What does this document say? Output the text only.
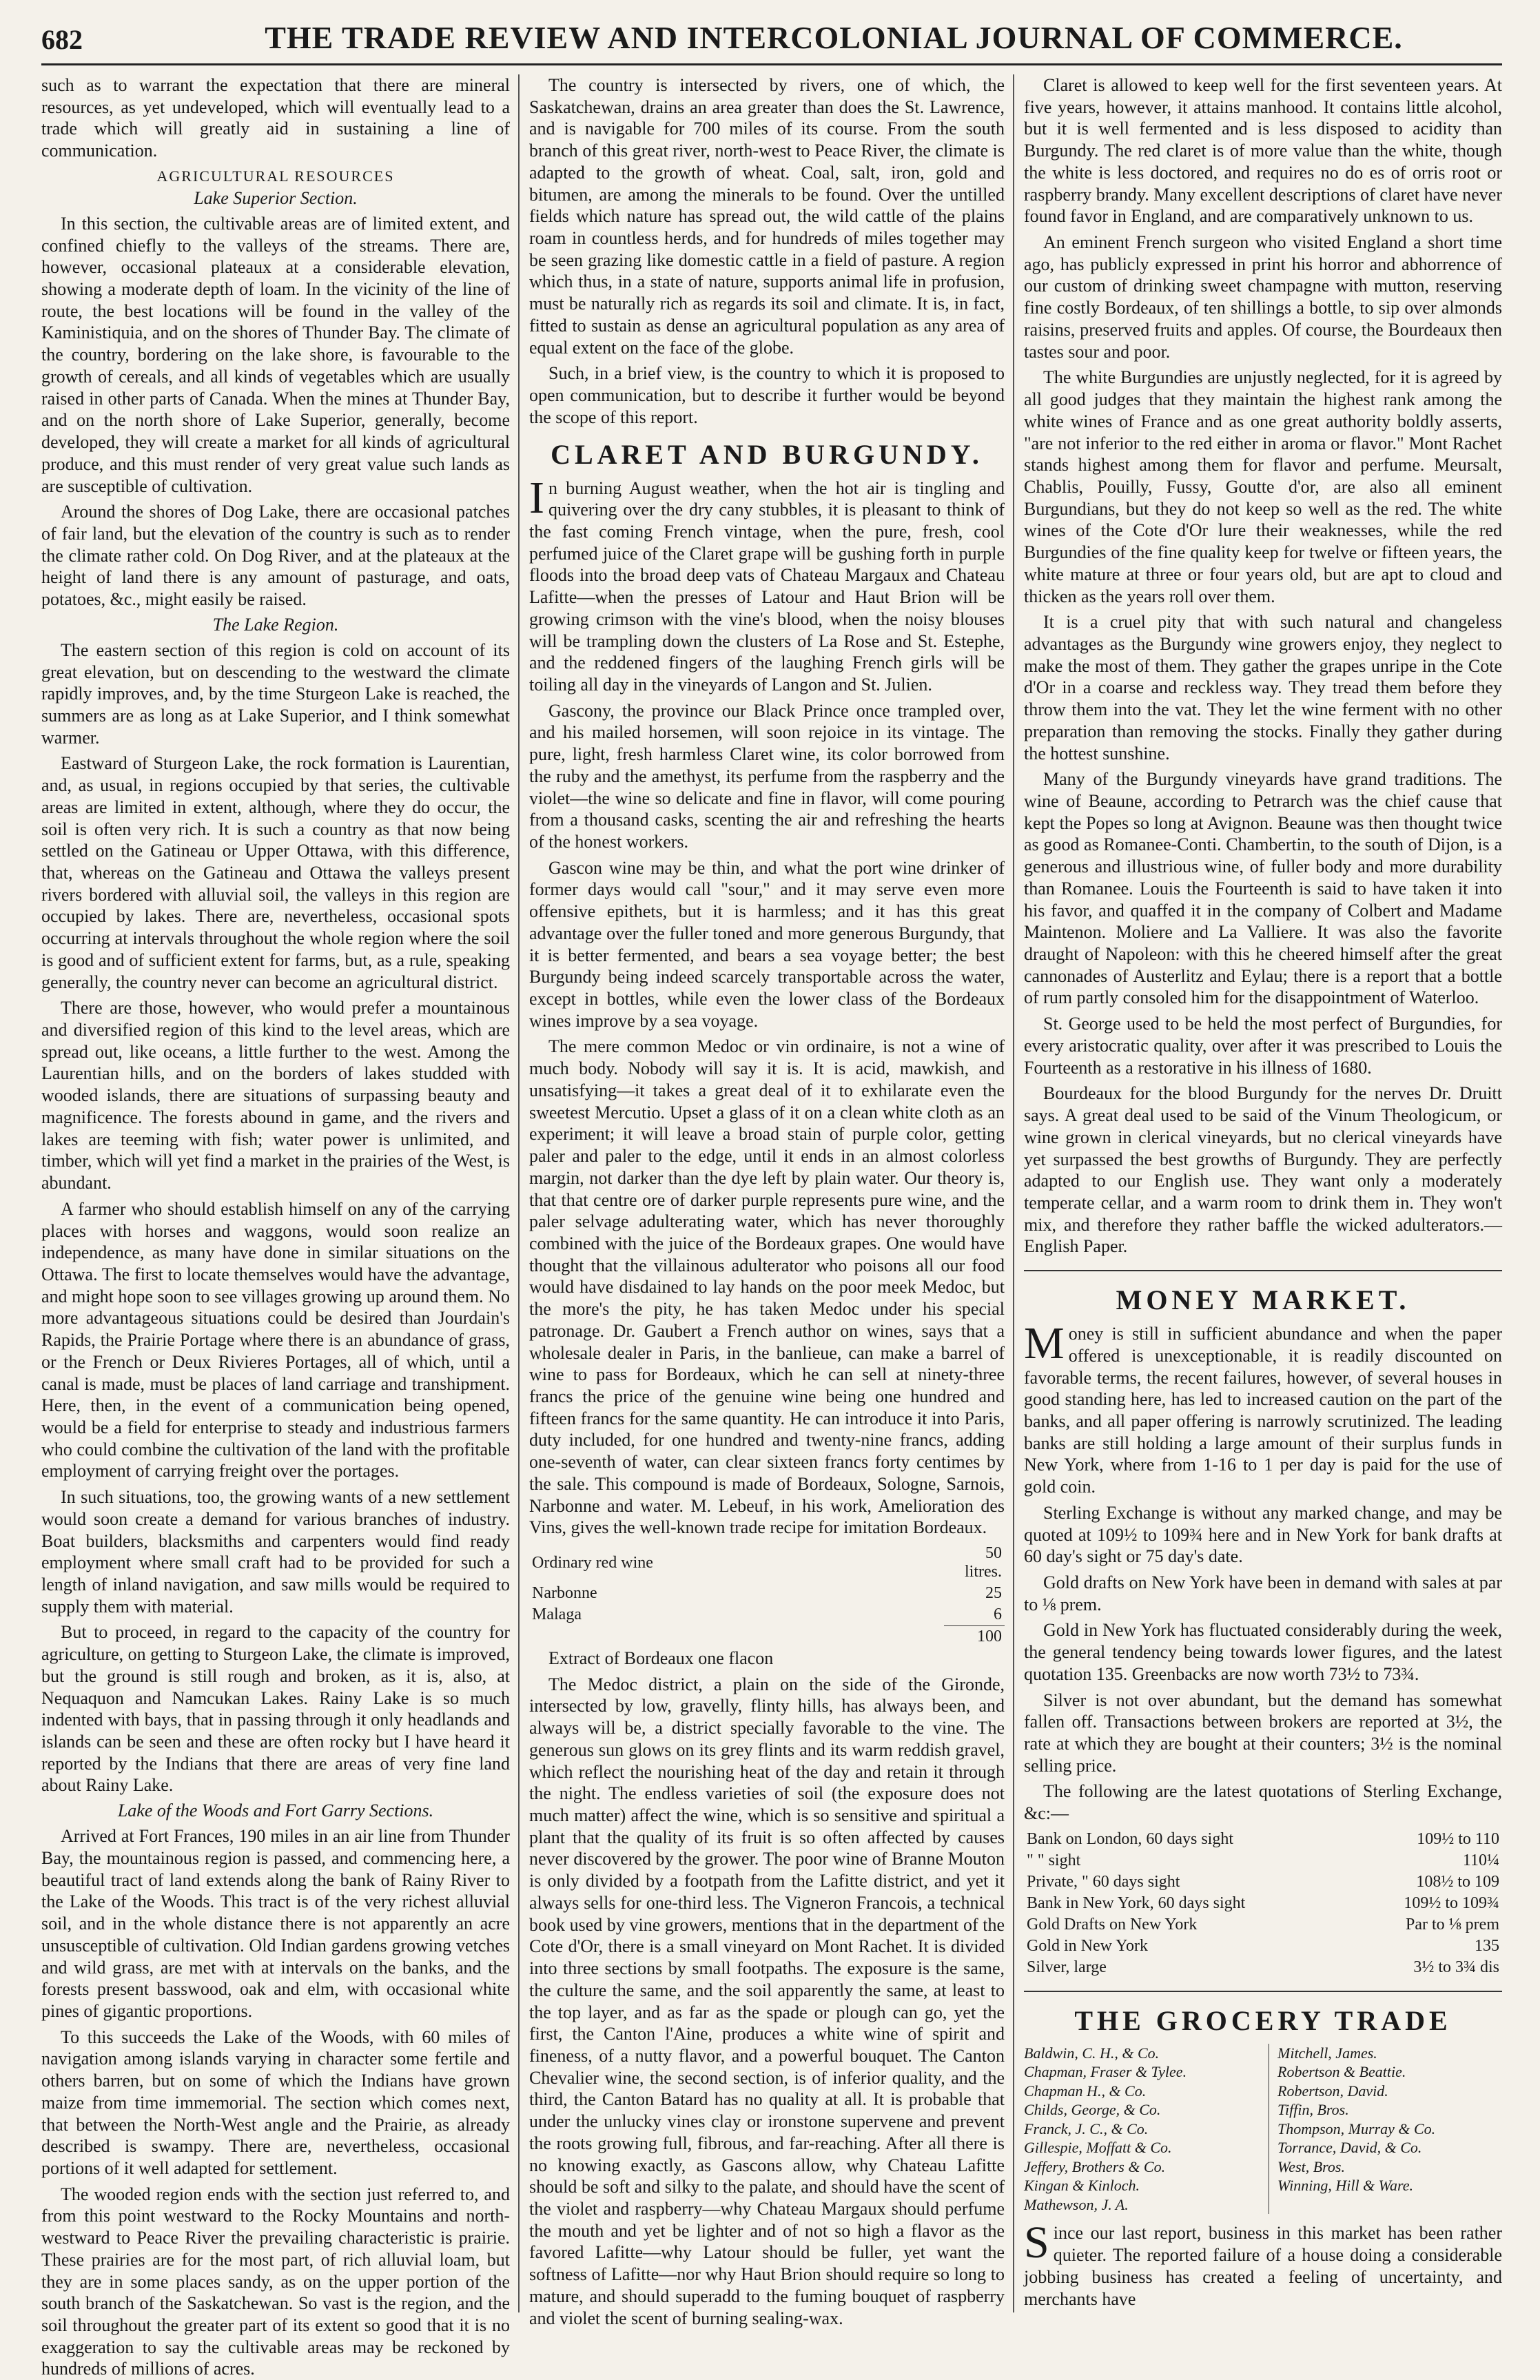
682	THE TRADE REVIEW AND INTERCOLONIAL JOURNAL OF COMMERCE.

such as to warrant the expectation that there are mineral resources, as yet undeveloped, which will eventually lead to a trade which will greatly aid in sustaining a line of communication.

AGRICULTURAL RESOURCES
Lake Superior Section.

In this section, the cultivable areas are of limited extent, and confined chiefly to the valleys of the streams. There are, however, occasional plateaux at a considerable elevation, showing a moderate depth of loam. In the vicinity of the line of route, the best locations will be found in the valley of the Kaministiquia, and on the shores of Thunder Bay. The climate of the country, bordering on the lake shore, is favourable to the growth of cereals, and all kinds of vegetables which are usually raised in other parts of Canada. When the mines at Thunder Bay, and on the north shore of Lake Superior, generally, become developed, they will create a market for all kinds of agricultural produce, and this must render of very great value such lands as are susceptible of cultivation.

Around the shores of Dog Lake, there are occasional patches of fair land, but the elevation of the country is such as to render the climate rather cold. On Dog River, and at the plateaux at the height of land there is any amount of pasturage, and oats, potatoes, &c., might easily be raised.

The Lake Region.

The eastern section of this region is cold on account of its great elevation, but on descending to the westward the climate rapidly improves, and, by the time Sturgeon Lake is reached, the summers are as long as at Lake Superior, and I think somewhat warmer.

Eastward of Sturgeon Lake, the rock formation is Laurentian, and, as usual, in regions occupied by that series, the cultivable areas are limited in extent, although, where they do occur, the soil is often very rich. It is such a country as that now being settled on the Gatineau or Upper Ottawa, with this difference, that, whereas on the Gatineau and Ottawa the valleys present rivers bordered with alluvial soil, the valleys in this region are occupied by lakes. There are, nevertheless, occasional spots occurring at intervals throughout the whole region where the soil is good and of sufficient extent for farms, but, as a rule, speaking generally, the country never can become an agricultural district.

There are those, however, who would prefer a mountainous and diversified region of this kind to the level areas, which are spread out, like oceans, a little further to the west. Among the Laurentian hills, and on the borders of lakes studded with wooded islands, there are situations of surpassing beauty and magnificence. The forests abound in game, and the rivers and lakes are teeming with fish; water power is unlimited, and timber, which will yet find a market in the prairies of the West, is abundant.

A farmer who should establish himself on any of the carrying places with horses and waggons, would soon realize an independence, as many have done in similar situations on the Ottawa. The first to locate themselves would have the advantage, and might hope soon to see villages growing up around them. No more advantageous situations could be desired than Jourdain's Rapids, the Prairie Portage where there is an abundance of grass, or the French or Deux Rivieres Portages, all of which, until a canal is made, must be places of land carriage and transhipment. Here, then, in the event of a communication being opened, would be a field for enterprise to steady and industrious farmers who could combine the cultivation of the land with the profitable employment of carrying freight over the portages.

In such situations, too, the growing wants of a new settlement would soon create a demand for various branches of industry. Boat builders, blacksmiths and carpenters would find ready employment where small craft had to be provided for such a length of inland navigation, and saw mills would be required to supply them with material.

But to proceed, in regard to the capacity of the country for agriculture, on getting to Sturgeon Lake, the climate is improved, but the ground is still rough and broken, as it is, also, at Nequaquon and Namcukan Lakes. Rainy Lake is so much indented with bays, that in passing through it only headlands and islands can be seen and these are often rocky but I have heard it reported by the Indians that there are areas of very fine land about Rainy Lake.

Lake of the Woods and Fort Garry Sections.

Arrived at Fort Frances, 190 miles in an air line from Thunder Bay, the mountainous region is passed, and commencing here, a beautiful tract of land extends along the bank of Rainy River to the Lake of the Woods. This tract is of the very richest alluvial soil, and in the whole distance there is not apparently an acre unsusceptible of cultivation. Old Indian gardens growing vetches and wild grass, are met with at intervals on the banks, and the forests present basswood, oak and elm, with occasional white pines of gigantic proportions.

To this succeeds the Lake of the Woods, with 60 miles of navigation among islands varying in character some fertile and others barren, but on some of which the Indians have grown maize from time immemorial. The section which comes next, that between the North-West angle and the Prairie, as already described is swampy. There are, nevertheless, occasional portions of it well adapted for settlement.

The wooded region ends with the section just referred to, and from this point westward to the Rocky Mountains and north-westward to Peace River the prevailing characteristic is prairie. These prairies are for the most part, of rich alluvial loam, but they are in some places sandy, as on the upper portion of the south branch of the Saskatchewan. So vast is the region, and the soil throughout the greater part of its extent so good that it is no exaggeration to say the cultivable areas may be reckoned by hundreds of millions of acres.

The country is intersected by rivers, one of which, the Saskatchewan, drains an area greater than does the St. Lawrence, and is navigable for 700 miles of its course. From the south branch of this great river, north-west to Peace River, the climate is adapted to the growth of wheat. Coal, salt, iron, gold and bitumen, are among the minerals to be found. Over the untilled fields which nature has spread out, the wild cattle of the plains roam in countless herds, and for hundreds of miles together may be seen grazing like domestic cattle in a field of pasture. A region which thus, in a state of nature, supports animal life in profusion, must be naturally rich as regards its soil and climate. It is, in fact, fitted to sustain as dense an agricultural population as any area of equal extent on the face of the globe.

Such, in a brief view, is the country to which it is proposed to open communication, but to describe it further would be beyond the scope of this report.

CLARET AND BURGUNDY.

In burning August weather, when the hot air is tingling and quivering over the dry cany stubbles, it is pleasant to think of the fast coming French vintage, when the pure, fresh, cool perfumed juice of the Claret grape will be gushing forth in purple floods into the broad deep vats of Chateau Margaux and Chateau Lafitte—when the presses of Latour and Haut Brion will be growing crimson with the vine's blood, when the noisy blouses will be trampling down the clusters of La Rose and St. Estephe, and the reddened fingers of the laughing French girls will be toiling all day in the vineyards of Langon and St. Julien.

Gascony, the province our Black Prince once trampled over, and his mailed horsemen, will soon rejoice in its vintage. The pure, light, fresh harmless Claret wine, its color borrowed from the ruby and the amethyst, its perfume from the raspberry and the violet—the wine so delicate and fine in flavor, will come pouring from a thousand casks, scenting the air and refreshing the hearts of the honest workers.

Gascon wine may be thin, and what the port wine drinker of former days would call "sour," and it may serve even more offensive epithets, but it is harmless; and it has this great advantage over the fuller toned and more generous Burgundy, that it is better fermented, and bears a sea voyage better; the best Burgundy being indeed scarcely transportable across the water, except in bottles, while even the lower class of the Bordeaux wines improve by a sea voyage.

The mere common Medoc or vin ordinaire, is not a wine of much body. Nobody will say it is. It is acid, mawkish, and unsatisfying—it takes a great deal of it to exhilarate even the sweetest Mercutio. Upset a glass of it on a clean white cloth as an experiment; it will leave a broad stain of purple color, getting paler and paler to the edge, until it ends in an almost colorless margin, not darker than the dye left by plain water. Our theory is, that that centre ore of darker purple represents pure wine, and the paler selvage adulterating water, which has never thoroughly combined with the juice of the Bordeaux grapes. One would have thought that the villainous adulterator who poisons all our food would have disdained to lay hands on the poor meek Medoc, but the more's the pity, he has taken Medoc under his special patronage. Dr. Gaubert a French author on wines, says that a wholesale dealer in Paris, in the banlieue, can make a barrel of wine to pass for Bordeaux, which he can sell at ninety-three francs the price of the genuine wine being one hundred and fifteen francs for the same quantity. He can introduce it into Paris, duty included, for one hundred and twenty-nine francs, adding one-seventh of water, can clear sixteen francs forty centimes by the sale. This compound is made of Bordeaux, Sologne, Sarnois, Narbonne and water. M. Lebeuf, in his work, Amelioration des Vins, gives the well-known trade recipe for imitation Bordeaux.

Ordinary red wine	50 litres.
Narbonne	25
Malaga	6
	100

Extract of Bordeaux one flacon

The Medoc district, a plain on the side of the Gironde, intersected by low, gravelly, flinty hills, has always been, and always will be, a district specially favorable to the vine. The generous sun glows on its grey flints and its warm reddish gravel, which reflect the nourishing heat of the day and retain it through the night. The endless varieties of soil (the exposure does not much matter) affect the wine, which is so sensitive and spiritual a plant that the quality of its fruit is so often affected by causes never discovered by the grower. The poor wine of Branne Mouton is only divided by a footpath from the Lafitte district, and yet it always sells for one-third less. The Vigneron Francois, a technical book used by vine growers, mentions that in the department of the Cote d'Or, there is a small vineyard on Mont Rachet. It is divided into three sections by small footpaths. The exposure is the same, the culture the same, and the soil apparently the same, at least to the top layer, and as far as the spade or plough can go, yet the first, the Canton l'Aine, produces a white wine of spirit and fineness, of a nutty flavor, and a powerful bouquet. The Canton Chevalier wine, the second section, is of inferior quality, and the third, the Canton Batard has no quality at all. It is probable that under the unlucky vines clay or ironstone supervene and prevent the roots growing full, fibrous, and far-reaching. After all there is no knowing exactly, as Gascons allow, why Chateau Lafitte should be soft and silky to the palate, and should have the scent of the violet and raspberry—why Chateau Margaux should perfume the mouth and yet be lighter and of not so high a flavor as the favored Lafitte—why Latour should be fuller, yet want the softness of Lafitte—nor why Haut Brion should require so long to mature, and should superadd to the fuming bouquet of raspberry and violet the scent of burning sealing-wax.

Claret is allowed to keep well for the first seventeen years. At five years, however, it attains manhood. It contains little alcohol, but it is well fermented and is less disposed to acidity than Burgundy. The red claret is of more value than the white, though the white is less doctored, and requires no do es of orris root or raspberry brandy. Many excellent descriptions of claret have never found favor in England, and are comparatively unknown to us.

An eminent French surgeon who visited England a short time ago, has publicly expressed in print his horror and abhorrence of our custom of drinking sweet champagne with mutton, reserving fine costly Bordeaux, of ten shillings a bottle, to sip over almonds raisins, preserved fruits and apples. Of course, the Bourdeaux then tastes sour and poor.

The white Burgundies are unjustly neglected, for it is agreed by all good judges that they maintain the highest rank among the white wines of France and as one great authority boldly asserts, "are not inferior to the red either in aroma or flavor." Mont Rachet stands highest among them for flavor and perfume. Meursalt, Chablis, Pouilly, Fussy, Goutte d'or, are also all eminent Burgundians, but they do not keep so well as the red. The white wines of the Cote d'Or lure their weaknesses, while the red Burgundies of the fine quality keep for twelve or fifteen years, the white mature at three or four years old, but are apt to cloud and thicken as the years roll over them.

It is a cruel pity that with such natural and changeless advantages as the Burgundy wine growers enjoy, they neglect to make the most of them. They gather the grapes unripe in the Cote d'Or in a coarse and reckless way. They tread them before they throw them into the vat. They let the wine ferment with no other preparation than removing the stocks. Finally they gather during the hottest sunshine.

Many of the Burgundy vineyards have grand traditions. The wine of Beaune, according to Petrarch was the chief cause that kept the Popes so long at Avignon. Beaune was then thought twice as good as Romanee-Conti. Chambertin, to the south of Dijon, is a generous and illustrious wine, of fuller body and more durability than Romanee. Louis the Fourteenth is said to have taken it into his favor, and quaffed it in the company of Colbert and Madame Maintenon. Moliere and La Valliere. It was also the favorite draught of Napoleon: with this he cheered himself after the great cannonades of Austerlitz and Eylau; there is a report that a bottle of rum partly consoled him for the disappointment of Waterloo.

St. George used to be held the most perfect of Burgundies, for every aristocratic quality, over after it was prescribed to Louis the Fourteenth as a restorative in his illness of 1680.

Bourdeaux for the blood Burgundy for the nerves Dr. Druitt says. A great deal used to be said of the Vinum Theologicum, or wine grown in clerical vineyards, but no clerical vineyards have yet surpassed the best growths of Burgundy. They are perfectly adapted to our English use. They want only a moderately temperate cellar, and a warm room to drink them in. They won't mix, and therefore they rather baffle the wicked adulterators.—English Paper.

MONEY MARKET.

Money is still in sufficient abundance and when the paper offered is unexceptionable, it is readily discounted on favorable terms, the recent failures, however, of several houses in good standing here, has led to increased caution on the part of the banks, and all paper offering is narrowly scrutinized. The leading banks are still holding a large amount of their surplus funds in New York, where from 1-16 to 1 per day is paid for the use of gold coin.

Sterling Exchange is without any marked change, and may be quoted at 109½ to 109¾ here and in New York for bank drafts at 60 day's sight or 75 day's date.

Gold drafts on New York have been in demand with sales at par to ⅛ prem.

Gold in New York has fluctuated considerably during the week, the general tendency being towards lower figures, and the latest quotation 135. Greenbacks are now worth 73½ to 73¾.

Silver is not over abundant, but the demand has somewhat fallen off. Transactions between brokers are reported at 3½, the rate at which they are bought at their counters; 3½ is the nominal selling price.

The following are the latest quotations of Sterling Exchange, &c:—

Bank on London, 60 days sight	109½ to 110
" " sight	110¼
Private, " 60 days sight	108½ to 109
Bank in New York, 60 days sight	109½ to 109¾
Gold Drafts on New York	Par to ⅛ prem
Gold in New York	135
Silver, large	3½ to 3¾ dis
THE GROCERY TRADE
Baldwin, C. H., & Co.
Chapman, Fraser & Tylee.
Chapman H., & Co.
Childs, George, & Co.
Franck, J. C., & Co.
Gillespie, Moffatt & Co.
Jeffery, Brothers & Co.
Kingan & Kinloch.
Mathewson, J. A.
Mitchell, James.
Robertson & Beattie.
Robertson, David.
Tiffin, Bros.
Thompson, Murray & Co.
Torrance, David, & Co.
West, Bros.
Winning, Hill & Ware.

Since our last report, business in this market has been rather quieter. The reported failure of a house doing a considerable jobbing business has created a feeling of uncertainty, and merchants have
